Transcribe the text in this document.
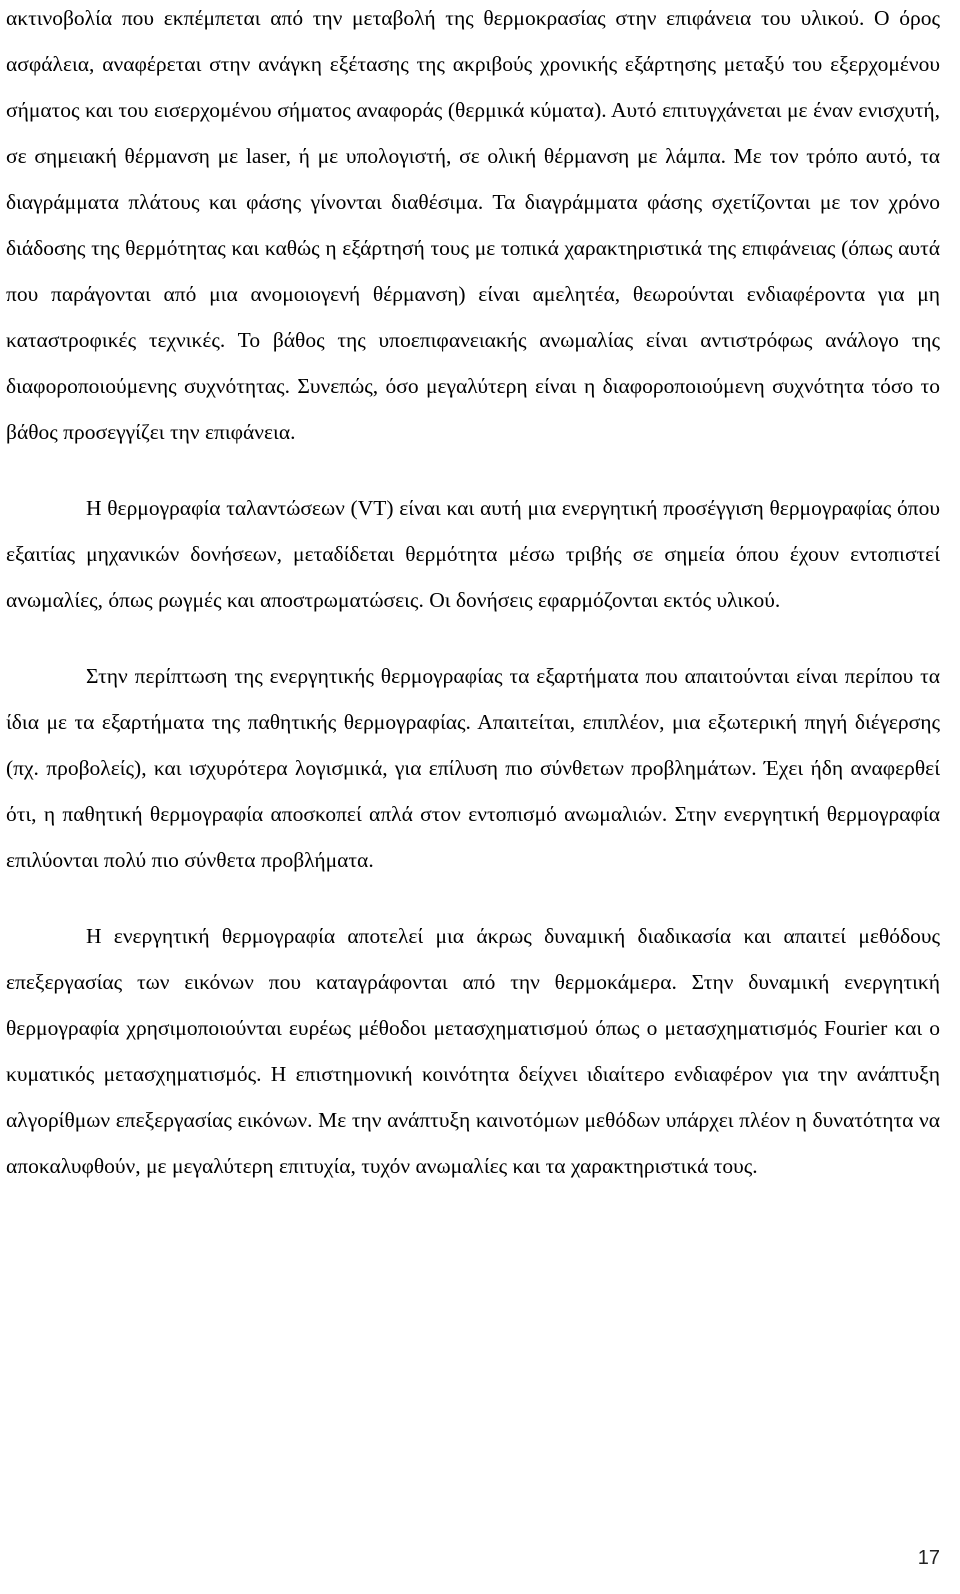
ακτινοβολία που εκπέμπεται από την μεταβολή της θερμοκρασίας στην επιφάνεια του υλικού. Ο όρος ασφάλεια, αναφέρεται στην ανάγκη εξέτασης της ακριβούς χρονικής εξάρτησης μεταξύ του εξερχομένου σήματος και του εισερχομένου σήματος αναφοράς (θερμικά κύματα). Αυτό επιτυγχάνεται με έναν ενισχυτή, σε σημειακή θέρμανση με laser, ή με υπολογιστή, σε ολική θέρμανση με λάμπα. Με τον τρόπο αυτό, τα διαγράμματα πλάτους και φάσης γίνονται διαθέσιμα. Τα διαγράμματα φάσης σχετίζονται με τον χρόνο διάδοσης της θερμότητας και καθώς η εξάρτησή τους με τοπικά χαρακτηριστικά της επιφάνειας (όπως αυτά που παράγονται από μια ανομοιογενή θέρμανση) είναι αμελητέα, θεωρούνται ενδιαφέροντα για μη καταστροφικές τεχνικές. Το βάθος της υποεπιφανειακής ανωμαλίας είναι αντιστρόφως ανάλογο της διαφοροποιούμενης συχνότητας. Συνεπώς, όσο μεγαλύτερη είναι η διαφοροποιούμενη συχνότητα τόσο το βάθος προσεγγίζει την επιφάνεια.

Η θερμογραφία ταλαντώσεων (VT) είναι και αυτή μια ενεργητική προσέγγιση θερμογραφίας όπου εξαιτίας μηχανικών δονήσεων, μεταδίδεται θερμότητα μέσω τριβής σε σημεία όπου έχουν εντοπιστεί ανωμαλίες, όπως ρωγμές και αποστρωματώσεις. Οι δονήσεις εφαρμόζονται εκτός υλικού.

Στην περίπτωση της ενεργητικής θερμογραφίας τα εξαρτήματα που απαιτούνται είναι περίπου τα ίδια με τα εξαρτήματα της παθητικής θερμογραφίας. Απαιτείται, επιπλέον, μια εξωτερική πηγή διέγερσης (πχ. προβολείς), και ισχυρότερα λογισμικά, για επίλυση πιο σύνθετων προβλημάτων. Έχει ήδη αναφερθεί ότι, η παθητική θερμογραφία αποσκοπεί απλά στον εντοπισμό ανωμαλιών. Στην ενεργητική θερμογραφία επιλύονται πολύ πιο σύνθετα προβλήματα.

Η ενεργητική θερμογραφία αποτελεί μια άκρως δυναμική διαδικασία και απαιτεί μεθόδους επεξεργασίας των εικόνων που καταγράφονται από την θερμοκάμερα. Στην δυναμική ενεργητική θερμογραφία χρησιμοποιούνται ευρέως μέθοδοι μετασχηματισμού όπως ο μετασχηματισμός Fourier και ο κυματικός μετασχηματισμός. Η επιστημονική κοινότητα δείχνει ιδιαίτερο ενδιαφέρον για την ανάπτυξη αλγορίθμων επεξεργασίας εικόνων. Με την ανάπτυξη καινοτόμων μεθόδων υπάρχει πλέον η δυνατότητα να αποκαλυφθούν, με μεγαλύτερη επιτυχία, τυχόν ανωμαλίες και τα χαρακτηριστικά τους.

17
